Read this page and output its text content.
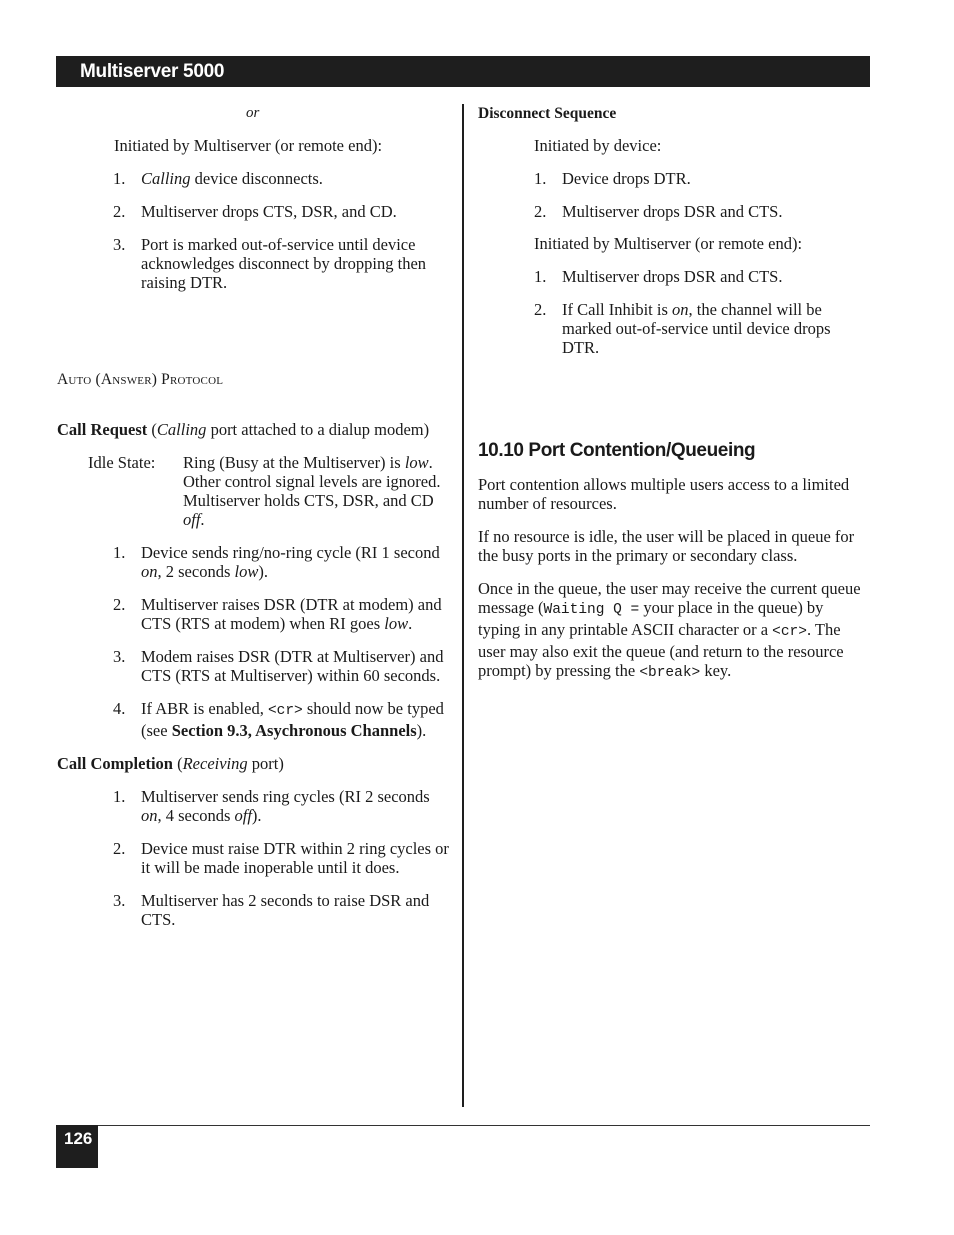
Multiserver 5000

or

Initiated by Multiserver (or remote end):

1. Calling device disconnects.
2. Multiserver drops CTS, DSR, and CD.
3. Port is marked out-of-service until device acknowledges disconnect by dropping then raising DTR.

Auto (Answer) Protocol

Call Request (Calling port attached to a dialup modem)

Idle State: Ring (Busy at the Multiserver) is low. Other control signal levels are ignored. Multiserver holds CTS, DSR, and CD off.
1. Device sends ring/no-ring cycle (RI 1 second on, 2 seconds low).
2. Multiserver raises DSR (DTR at modem) and CTS (RTS at modem) when RI goes low.
3. Modem raises DSR (DTR at Multiserver) and CTS (RTS at Multiserver) within 60 seconds.
4. If ABR is enabled, <cr> should now be typed (see Section 9.3, Asychronous Channels).

Call Completion (Receiving port)

1. Multiserver sends ring cycles (RI 2 seconds on, 4 seconds off).
2. Device must raise DTR within 2 ring cycles or it will be made inoperable until it does.
3. Multiserver has 2 seconds to raise DSR and CTS.

Disconnect Sequence

Initiated by device:

1. Device drops DTR.
2. Multiserver drops DSR and CTS.

Initiated by Multiserver (or remote end):

1. Multiserver drops DSR and CTS.
2. If Call Inhibit is on, the channel will be marked out-of-service until device drops DTR.

10.10 Port Contention/Queueing

Port contention allows multiple users access to a limited number of resources.

If no resource is idle, the user will be placed in queue for the busy ports in the primary or secondary class.

Once in the queue, the user may receive the current queue message (Waiting Q = your place in the queue) by typing in any printable ASCII character or a <cr>. The user may also exit the queue (and return to the resource prompt) by pressing the <break> key.

126
